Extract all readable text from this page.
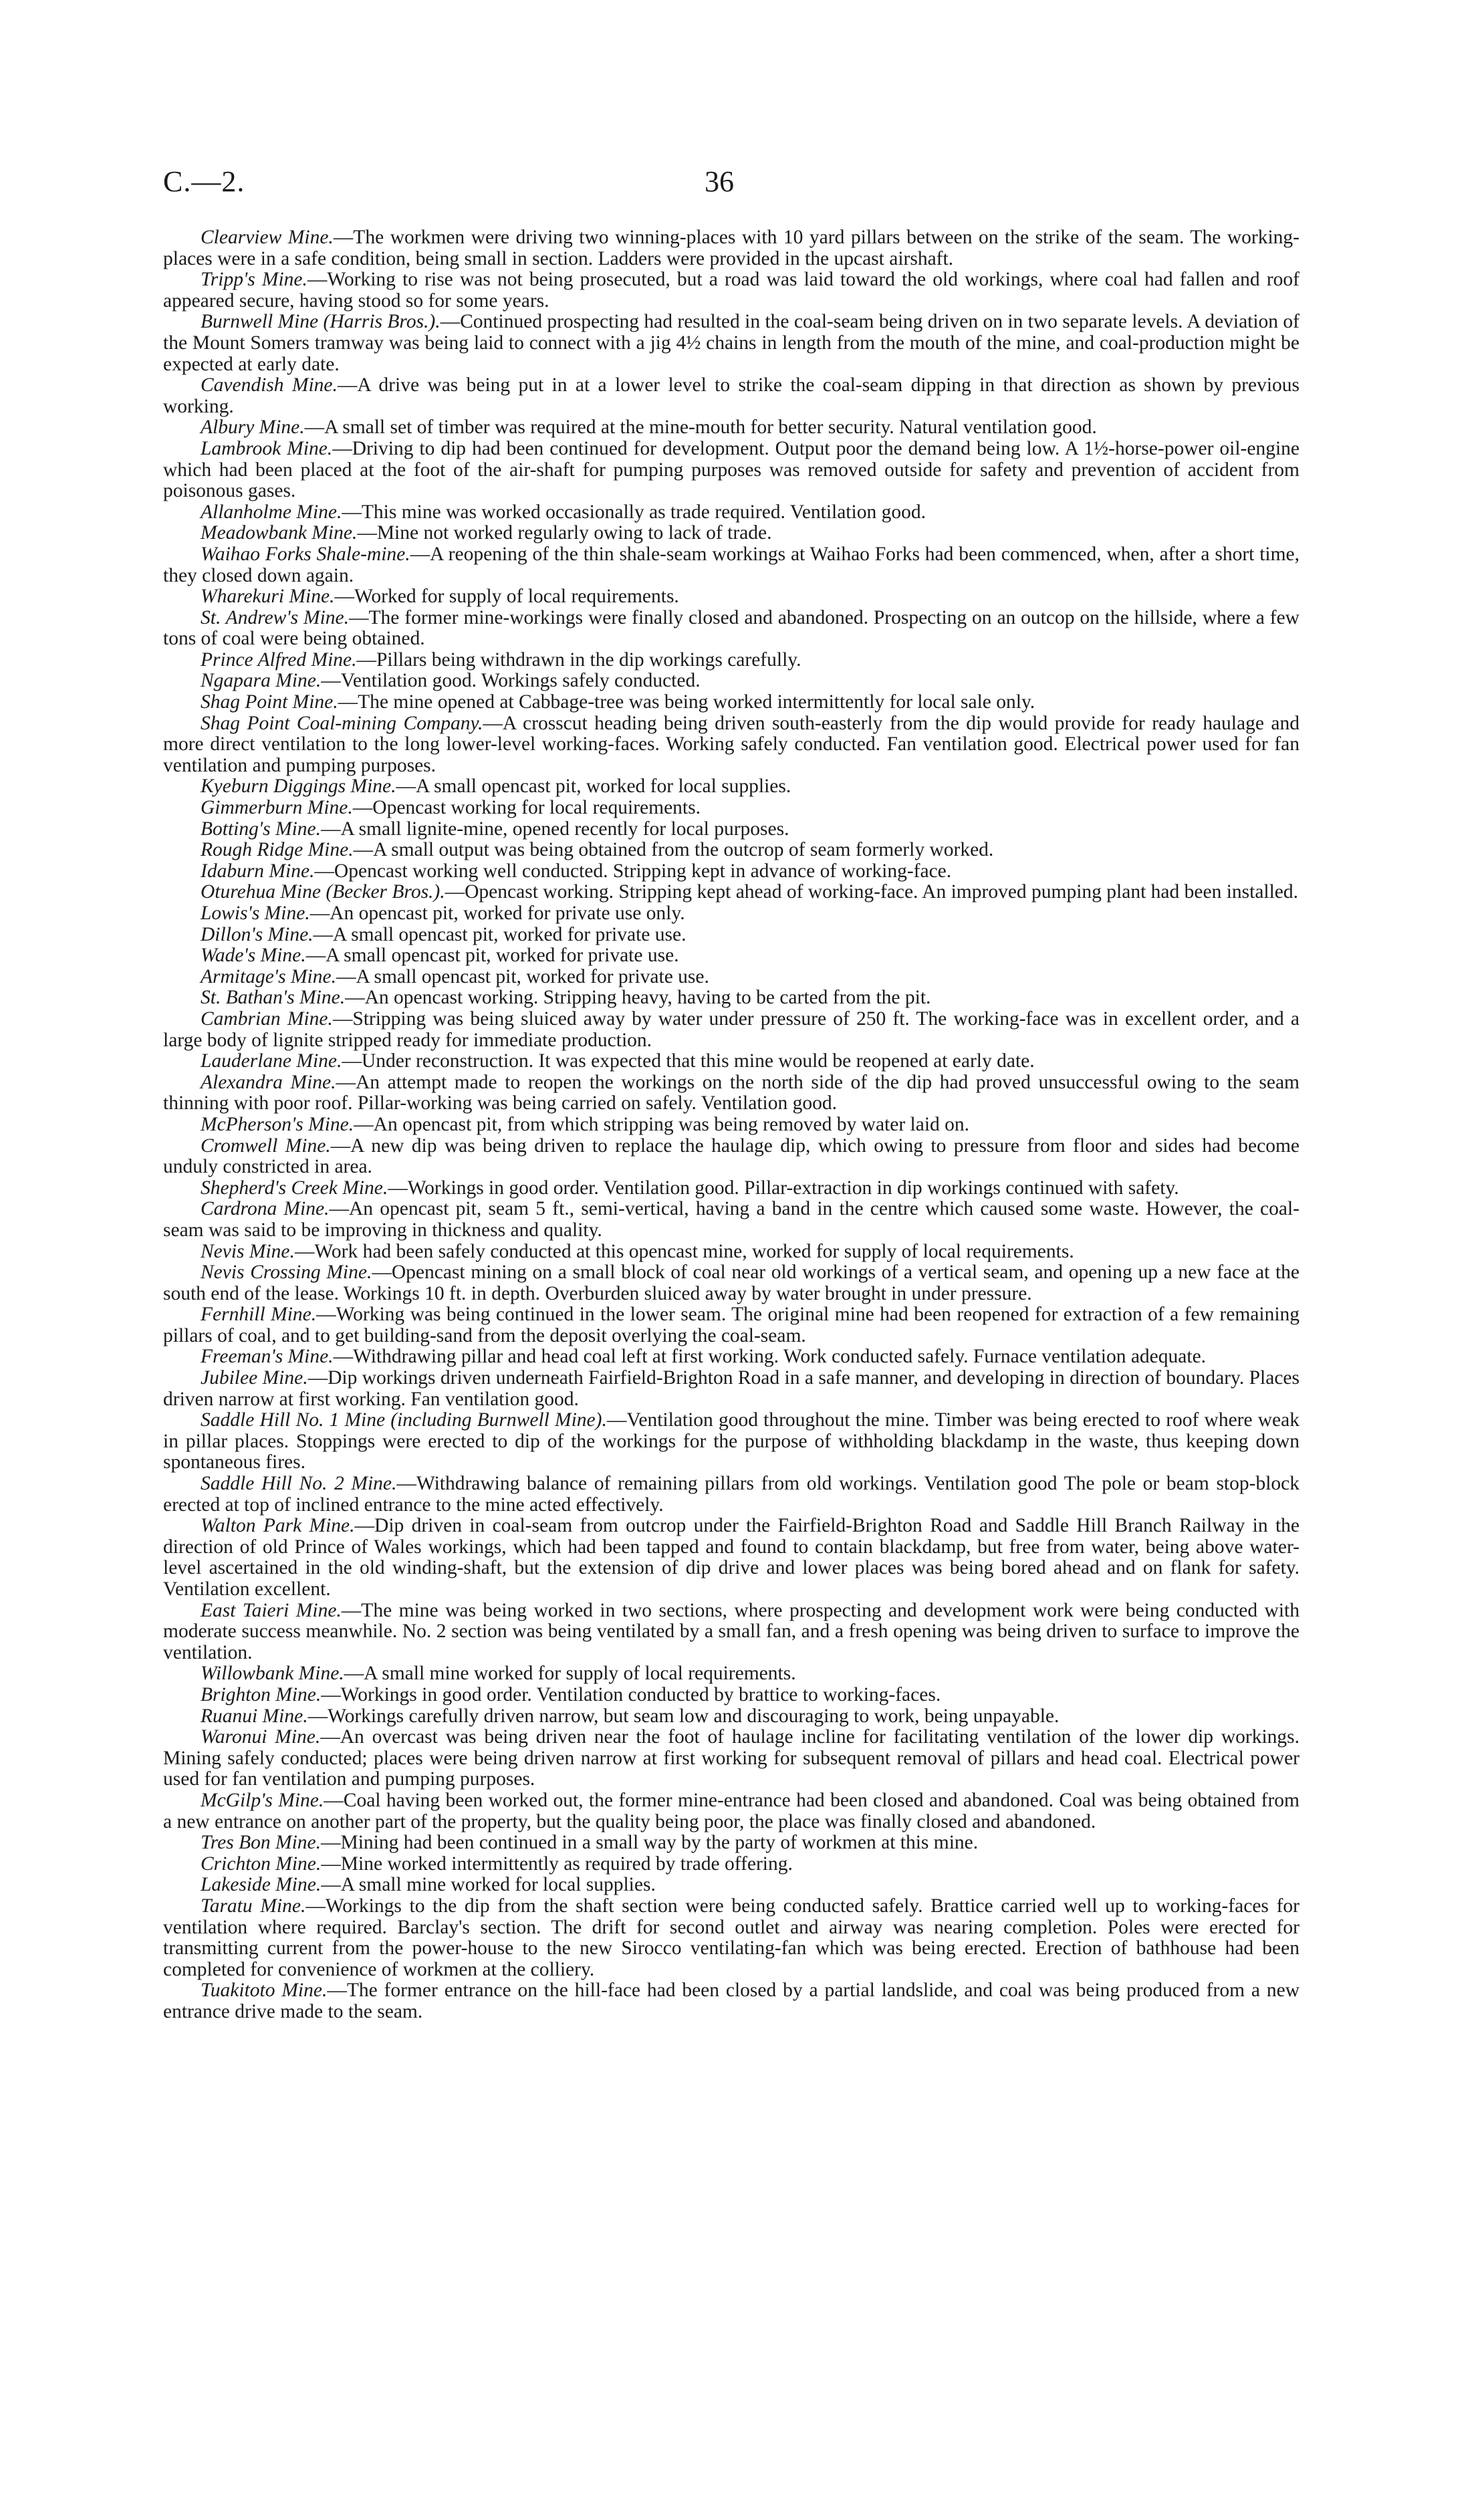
C.—2.	36

Clearview Mine.—The workmen were driving two winning-places with 10 yard pillars between on the strike of the seam. The working-places were in a safe condition, being small in section. Ladders were provided in the upcast airshaft.

Tripp's Mine.—Working to rise was not being prosecuted, but a road was laid toward the old workings, where coal had fallen and roof appeared secure, having stood so for some years.

Burnwell Mine (Harris Bros.).—Continued prospecting had resulted in the coal-seam being driven on in two separate levels. A deviation of the Mount Somers tramway was being laid to connect with a jig 4½ chains in length from the mouth of the mine, and coal-production might be expected at early date.

Cavendish Mine.—A drive was being put in at a lower level to strike the coal-seam dipping in that direction as shown by previous working.

Albury Mine.—A small set of timber was required at the mine-mouth for better security. Natural ventilation good.

Lambrook Mine.—Driving to dip had been continued for development. Output poor the demand being low. A 1½-horse-power oil-engine which had been placed at the foot of the air-shaft for pumping purposes was removed outside for safety and prevention of accident from poisonous gases.

Allanholme Mine.—This mine was worked occasionally as trade required. Ventilation good.

Meadowbank Mine.—Mine not worked regularly owing to lack of trade.

Waihao Forks Shale-mine.—A reopening of the thin shale-seam workings at Waihao Forks had been commenced, when, after a short time, they closed down again.

Wharekuri Mine.—Worked for supply of local requirements.

St. Andrew's Mine.—The former mine-workings were finally closed and abandoned. Prospecting on an outcop on the hillside, where a few tons of coal were being obtained.

Prince Alfred Mine.—Pillars being withdrawn in the dip workings carefully.

Ngapara Mine.—Ventilation good. Workings safely conducted.

Shag Point Mine.—The mine opened at Cabbage-tree was being worked intermittently for local sale only.

Shag Point Coal-mining Company.—A crosscut heading being driven south-easterly from the dip would provide for ready haulage and more direct ventilation to the long lower-level working-faces. Working safely conducted. Fan ventilation good. Electrical power used for fan ventilation and pumping purposes.

Kyeburn Diggings Mine.—A small opencast pit, worked for local supplies.

Gimmerburn Mine.—Opencast working for local requirements.

Botting's Mine.—A small lignite-mine, opened recently for local purposes.

Rough Ridge Mine.—A small output was being obtained from the outcrop of seam formerly worked.

Idaburn Mine.—Opencast working well conducted. Stripping kept in advance of working-face.

Oturehua Mine (Becker Bros.).—Opencast working. Stripping kept ahead of working-face. An improved pumping plant had been installed.

Lowis's Mine.—An opencast pit, worked for private use only.

Dillon's Mine.—A small opencast pit, worked for private use.

Wade's Mine.—A small opencast pit, worked for private use.

Armitage's Mine.—A small opencast pit, worked for private use.

St. Bathan's Mine.—An opencast working. Stripping heavy, having to be carted from the pit.

Cambrian Mine.—Stripping was being sluiced away by water under pressure of 250 ft. The working-face was in excellent order, and a large body of lignite stripped ready for immediate production.

Lauderlane Mine.—Under reconstruction. It was expected that this mine would be reopened at early date.

Alexandra Mine.—An attempt made to reopen the workings on the north side of the dip had proved unsuccessful owing to the seam thinning with poor roof. Pillar-working was being carried on safely. Ventilation good.

McPherson's Mine.—An opencast pit, from which stripping was being removed by water laid on.

Cromwell Mine.—A new dip was being driven to replace the haulage dip, which owing to pressure from floor and sides had become unduly constricted in area.

Shepherd's Creek Mine.—Workings in good order. Ventilation good. Pillar-extraction in dip workings continued with safety.

Cardrona Mine.—An opencast pit, seam 5 ft., semi-vertical, having a band in the centre which caused some waste. However, the coal-seam was said to be improving in thickness and quality.

Nevis Mine.—Work had been safely conducted at this opencast mine, worked for supply of local requirements.

Nevis Crossing Mine.—Opencast mining on a small block of coal near old workings of a vertical seam, and opening up a new face at the south end of the lease. Workings 10 ft. in depth. Overburden sluiced away by water brought in under pressure.

Fernhill Mine.—Working was being continued in the lower seam. The original mine had been reopened for extraction of a few remaining pillars of coal, and to get building-sand from the deposit overlying the coal-seam.

Freeman's Mine.—Withdrawing pillar and head coal left at first working. Work conducted safely. Furnace ventilation adequate.

Jubilee Mine.—Dip workings driven underneath Fairfield-Brighton Road in a safe manner, and developing in direction of boundary. Places driven narrow at first working. Fan ventilation good.

Saddle Hill No. 1 Mine (including Burnwell Mine).—Ventilation good throughout the mine. Timber was being erected to roof where weak in pillar places. Stoppings were erected to dip of the workings for the purpose of withholding blackdamp in the waste, thus keeping down spontaneous fires.

Saddle Hill No. 2 Mine.—Withdrawing balance of remaining pillars from old workings. Ventilation good The pole or beam stop-block erected at top of inclined entrance to the mine acted effectively.

Walton Park Mine.—Dip driven in coal-seam from outcrop under the Fairfield-Brighton Road and Saddle Hill Branch Railway in the direction of old Prince of Wales workings, which had been tapped and found to contain blackdamp, but free from water, being above water-level ascertained in the old winding-shaft, but the extension of dip drive and lower places was being bored ahead and on flank for safety. Ventilation excellent.

East Taieri Mine.—The mine was being worked in two sections, where prospecting and development work were being conducted with moderate success meanwhile. No. 2 section was being ventilated by a small fan, and a fresh opening was being driven to surface to improve the ventilation.

Willowbank Mine.—A small mine worked for supply of local requirements.

Brighton Mine.—Workings in good order. Ventilation conducted by brattice to working-faces.

Ruanui Mine.—Workings carefully driven narrow, but seam low and discouraging to work, being unpayable.

Waronui Mine.—An overcast was being driven near the foot of haulage incline for facilitating ventilation of the lower dip workings. Mining safely conducted; places were being driven narrow at first working for subsequent removal of pillars and head coal. Electrical power used for fan ventilation and pumping purposes.

McGilp's Mine.—Coal having been worked out, the former mine-entrance had been closed and abandoned. Coal was being obtained from a new entrance on another part of the property, but the quality being poor, the place was finally closed and abandoned.

Tres Bon Mine.—Mining had been continued in a small way by the party of workmen at this mine.

Crichton Mine.—Mine worked intermittently as required by trade offering.

Lakeside Mine.—A small mine worked for local supplies.

Taratu Mine.—Workings to the dip from the shaft section were being conducted safely. Brattice carried well up to working-faces for ventilation where required. Barclay's section. The drift for second outlet and airway was nearing completion. Poles were erected for transmitting current from the power-house to the new Sirocco ventilating-fan which was being erected. Erection of bathhouse had been completed for convenience of workmen at the colliery.

Tuakitoto Mine.—The former entrance on the hill-face had been closed by a partial landslide, and coal was being produced from a new entrance drive made to the seam.
